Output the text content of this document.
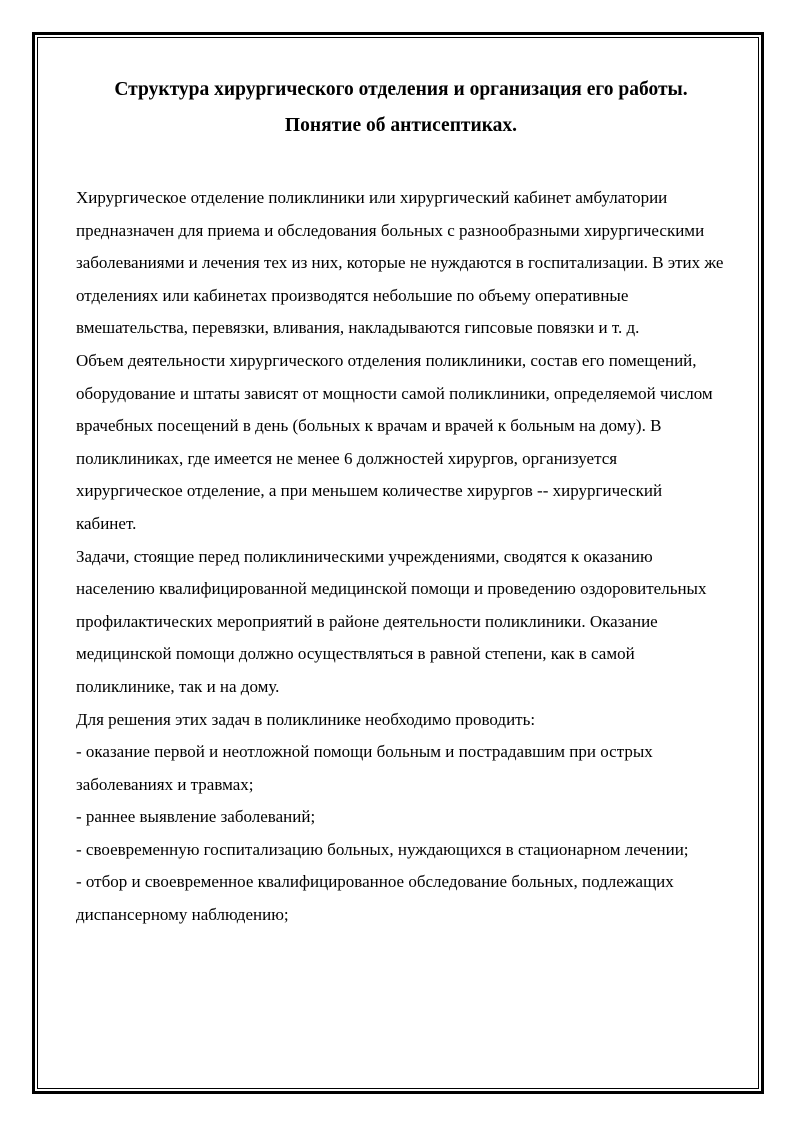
Структура хирургического отделения и организация его работы.
Понятие об антисептиках.

Хирургическое отделение поликлиники или хирургический кабинет амбулатории предназначен для приема и обследования больных с разнообразными хирургическими заболеваниями и лечения тех из них, которые не нуждаются в госпитализации. В этих же отделениях или кабинетах производятся небольшие по объему оперативные вмешательства, перевязки, вливания, накладываются гипсовые повязки и т. д.

Объем деятельности хирургического отделения поликлиники, состав его помещений, оборудование и штаты зависят от мощности самой поликлиники, определяемой числом врачебных посещений в день (больных к врачам и врачей к больным на дому). В поликлиниках, где имеется не менее 6 должностей хирургов, организуется хирургическое отделение, а при меньшем количестве хирургов -- хирургический кабинет.

Задачи, стоящие перед поликлиническими учреждениями, сводятся к оказанию населению квалифицированной медицинской помощи и проведению оздоровительных профилактических мероприятий в районе деятельности поликлиники. Оказание медицинской помощи должно осуществляться в равной степени, как в самой поликлинике, так и на дому.

Для решения этих задач в поликлинике необходимо проводить:

- оказание первой и неотложной помощи больным и пострадавшим при острых заболеваниях и травмах;

- раннее выявление заболеваний;

- своевременную госпитализацию больных, нуждающихся в стационарном лечении;

- отбор и своевременное квалифицированное обследование больных, подлежащих диспансерному наблюдению;
